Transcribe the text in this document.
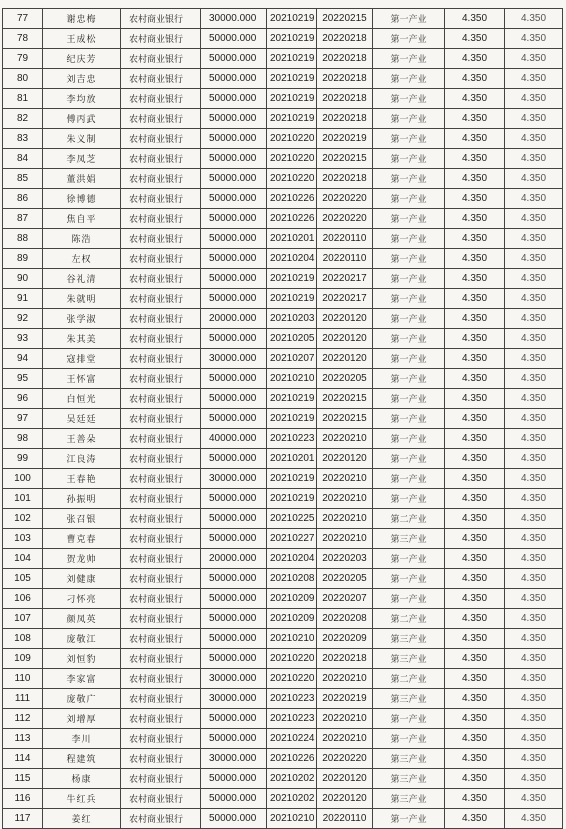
77	谢忠梅	农村商业银行	30000.000	20210219	20220215	第一产业	4.350	4.350
78	王成松	农村商业银行	50000.000	20210219	20220218	第一产业	4.350	4.350
79	纪庆芳	农村商业银行	50000.000	20210219	20220218	第一产业	4.350	4.350
80	刘吉忠	农村商业银行	50000.000	20210219	20220218	第一产业	4.350	4.350
81	李均放	农村商业银行	50000.000	20210219	20220218	第一产业	4.350	4.350
82	傅丙武	农村商业银行	50000.000	20210219	20220218	第一产业	4.350	4.350
83	朱义制	农村商业银行	50000.000	20210220	20220219	第一产业	4.350	4.350
84	李凤芝	农村商业银行	50000.000	20210220	20220215	第一产业	4.350	4.350
85	董洪娟	农村商业银行	50000.000	20210220	20220218	第一产业	4.350	4.350
86	徐博德	农村商业银行	50000.000	20210226	20220220	第一产业	4.350	4.350
87	焦自平	农村商业银行	50000.000	20210226	20220220	第一产业	4.350	4.350
88	陈浩	农村商业银行	50000.000	20210201	20220110	第一产业	4.350	4.350
89	左权	农村商业银行	50000.000	20210204	20220110	第一产业	4.350	4.350
90	谷礼清	农村商业银行	50000.000	20210219	20220217	第一产业	4.350	4.350
91	朱就明	农村商业银行	50000.000	20210219	20220217	第一产业	4.350	4.350
92	张学淑	农村商业银行	20000.000	20210203	20220120	第一产业	4.350	4.350
93	朱其美	农村商业银行	50000.000	20210205	20220120	第一产业	4.350	4.350
94	寇排堂	农村商业银行	30000.000	20210207	20220120	第一产业	4.350	4.350
95	王怀富	农村商业银行	50000.000	20210210	20220205	第一产业	4.350	4.350
96	白恒光	农村商业银行	50000.000	20210219	20220215	第一产业	4.350	4.350
97	吴廷廷	农村商业银行	50000.000	20210219	20220215	第一产业	4.350	4.350
98	王善朵	农村商业银行	40000.000	20210223	20220210	第一产业	4.350	4.350
99	江良涛	农村商业银行	50000.000	20210201	20220120	第一产业	4.350	4.350
100	王春艳	农村商业银行	30000.000	20210219	20220210	第一产业	4.350	4.350
101	孙振明	农村商业银行	50000.000	20210219	20220210	第一产业	4.350	4.350
102	张召银	农村商业银行	50000.000	20210225	20220210	第二产业	4.350	4.350
103	曹克春	农村商业银行	50000.000	20210227	20220210	第三产业	4.350	4.350
104	贺龙帅	农村商业银行	20000.000	20210204	20220203	第一产业	4.350	4.350
105	刘健康	农村商业银行	50000.000	20210208	20220205	第一产业	4.350	4.350
106	刁怀亮	农村商业银行	50000.000	20210209	20220207	第一产业	4.350	4.350
107	颜凤英	农村商业银行	50000.000	20210209	20220208	第二产业	4.350	4.350
108	庞敬江	农村商业银行	50000.000	20210210	20220209	第三产业	4.350	4.350
109	刘恒豹	农村商业银行	50000.000	20210220	20220218	第三产业	4.350	4.350
110	李家富	农村商业银行	30000.000	20210220	20220210	第二产业	4.350	4.350
111	庞敬广	农村商业银行	30000.000	20210223	20220219	第三产业	4.350	4.350
112	刘增厚	农村商业银行	50000.000	20210223	20220210	第一产业	4.350	4.350
113	李川	农村商业银行	50000.000	20210224	20220210	第一产业	4.350	4.350
114	程建筑	农村商业银行	30000.000	20210226	20220220	第三产业	4.350	4.350
115	杨康	农村商业银行	50000.000	20210202	20220120	第三产业	4.350	4.350
116	牛红兵	农村商业银行	50000.000	20210202	20220120	第三产业	4.350	4.350
117	姜红	农村商业银行	50000.000	20210210	20220110	第一产业	4.350	4.350
